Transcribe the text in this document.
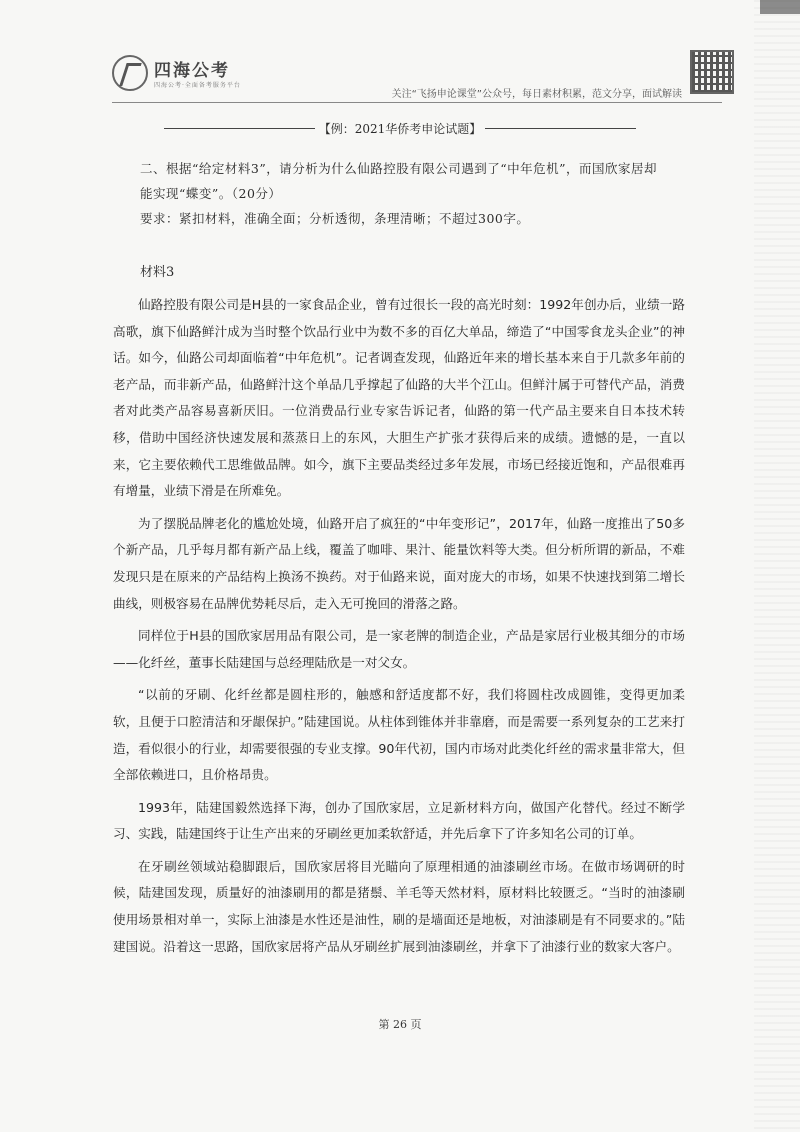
四海公考
四海公考·全面备考服务平台
关注“飞扬申论课堂”公众号，每日素材积累，范文分享，面试解读
【例：2021华侨考申论试题】
二、根据“给定材料3”，请分析为什么仙路控股有限公司遇到了“中年危机”，而国欣家居却能实现“蝶变”。（20分）
要求：紧扣材料，准确全面；分析透彻，条理清晰；不超过300字。
材料3

仙路控股有限公司是H县的一家食品企业，曾有过很长一段的高光时刻：1992年创办后，业绩一路高歌，旗下仙路鲜汁成为当时整个饮品行业中为数不多的百亿大单品，缔造了“中国零食龙头企业”的神话。如今，仙路公司却面临着“中年危机”。记者调查发现，仙路近年来的增长基本来自于几款多年前的老产品，而非新产品，仙路鲜汁这个单品几乎撑起了仙路的大半个江山。但鲜汁属于可替代产品，消费者对此类产品容易喜新厌旧。一位消费品行业专家告诉记者，仙路的第一代产品主要来自日本技术转移，借助中国经济快速发展和蒸蒸日上的东风，大胆生产扩张才获得后来的成绩。遗憾的是，一直以来，它主要依赖代工思维做品牌。如今，旗下主要品类经过多年发展，市场已经接近饱和，产品很难再有增量，业绩下滑是在所难免。

为了摆脱品牌老化的尴尬处境，仙路开启了疯狂的“中年变形记”，2017年，仙路一度推出了50多个新产品，几乎每月都有新产品上线，覆盖了咖啡、果汁、能量饮料等大类。但分析所谓的新品，不难发现只是在原来的产品结构上换汤不换药。对于仙路来说，面对庞大的市场，如果不快速找到第二增长曲线，则极容易在品牌优势耗尽后，走入无可挽回的滑落之路。

同样位于H县的国欣家居用品有限公司，是一家老牌的制造企业，产品是家居行业极其细分的市场——化纤丝，董事长陆建国与总经理陆欣是一对父女。

“以前的牙刷、化纤丝都是圆柱形的，触感和舒适度都不好，我们将圆柱改成圆锥，变得更加柔软，且便于口腔清洁和牙龈保护。”陆建国说。从柱体到锥体并非靠磨，而是需要一系列复杂的工艺来打造，看似很小的行业，却需要很强的专业支撑。90年代初，国内市场对此类化纤丝的需求量非常大，但全部依赖进口，且价格昂贵。

1993年，陆建国毅然选择下海，创办了国欣家居，立足新材料方向，做国产化替代。经过不断学习、实践，陆建国终于让生产出来的牙刷丝更加柔软舒适，并先后拿下了许多知名公司的订单。

在牙刷丝领域站稳脚跟后，国欣家居将目光瞄向了原理相通的油漆刷丝市场。在做市场调研的时候，陆建国发现，质量好的油漆刷用的都是猪鬃、羊毛等天然材料，原材料比较匮乏。“当时的油漆刷使用场景相对单一，实际上油漆是水性还是油性，刷的是墙面还是地板，对油漆刷是有不同要求的。”陆建国说。沿着这一思路，国欣家居将产品从牙刷丝扩展到油漆刷丝，并拿下了油漆行业的数家大客户。

第 26 页
